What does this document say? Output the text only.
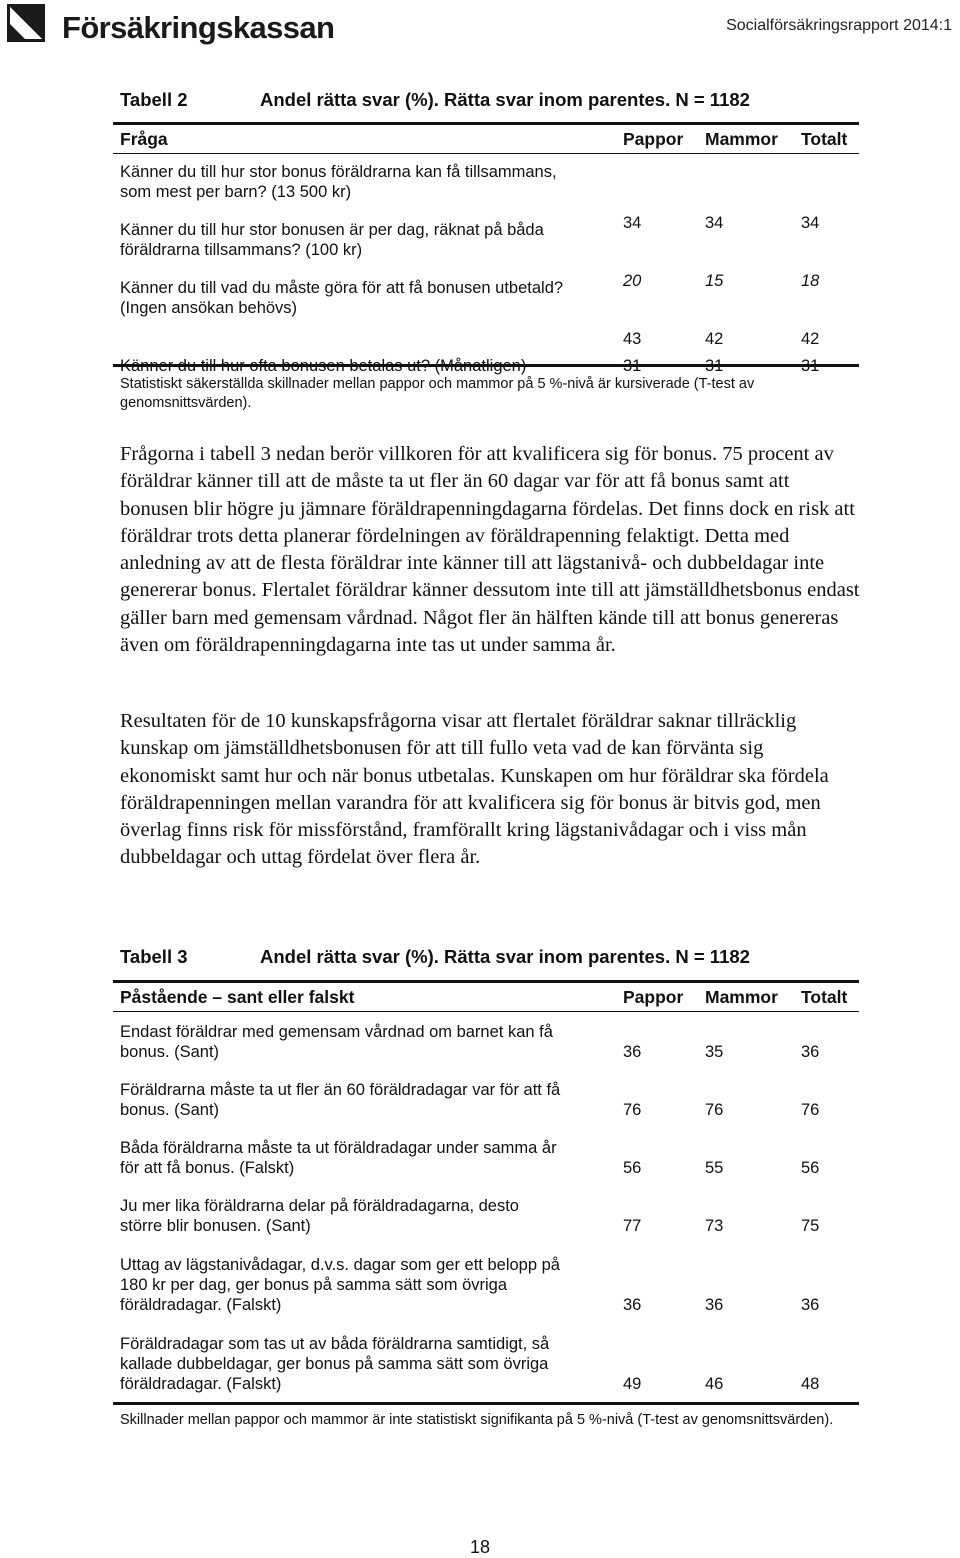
Försäkringskassan	Socialförsäkringsrapport 2014:1
Tabell 2	Andel rätta svar (%). Rätta svar inom parentes. N = 1182
Fråga	Pappor Mammor Totalt
Känner du till hur stor bonus föräldrarna kan få tillsammans,
som mest per barn? (13 500 kr)
34	34	34
Känner du till hur stor bonusen är per dag, räknat på båda
föräldrarna tillsammans? (100 kr)
20	15	18
Känner du till vad du måste göra för att få bonusen utbetald?
(Ingen ansökan behövs)
43	42	42
Känner du till hur ofta bonusen betalas ut? (Månatligen)	31	31	31
Statistiskt säkerställda skillnader mellan pappor och mammor på 5 %-nivå är kursiverade (T-test av genomsnittsvärden).

Frågorna i tabell 3 nedan berör villkoren för att kvalificera sig för bonus. 75 procent av föräldrar känner till att de måste ta ut fler än 60 dagar var för att få bonus samt att bonusen blir högre ju jämnare föräldrapenningdagarna fördelas. Det finns dock en risk att föräldrar trots detta planerar fördelningen av föräldrapenning felaktigt. Detta med anledning av att de flesta föräldrar inte känner till att lägstanivå- och dubbeldagar inte genererar bonus. Flertalet föräldrar känner dessutom inte till att jämställdhetsbonus endast gäller barn med gemensam vårdnad. Något fler än hälften kände till att bonus genereras även om föräldrapenningdagarna inte tas ut under samma år.

Resultaten för de 10 kunskapsfrågorna visar att flertalet föräldrar saknar tillräcklig kunskap om jämställdhetsbonusen för att till fullo veta vad de kan förvänta sig ekonomiskt samt hur och när bonus utbetalas. Kunskapen om hur föräldrar ska fördela föräldrapenningen mellan varandra för att kvalificera sig för bonus är bitvis god, men överlag finns risk för missförstånd, framförallt kring lägstanivådagar och i viss mån dubbeldagar och uttag fördelat över flera år.

Tabell 3	Andel rätta svar (%). Rätta svar inom parentes. N = 1182
Påstående – sant eller falskt	Pappor Mammor Totalt
Endast föräldrar med gemensam vårdnad om barnet kan få
bonus. (Sant)	36	35	36
Föräldrarna måste ta ut fler än 60 föräldradagar var för att få
bonus. (Sant)	76	76	76
Båda föräldrarna måste ta ut föräldradagar under samma år
för att få bonus. (Falskt)	56	55	56
Ju mer lika föräldrarna delar på föräldradagarna, desto
större blir bonusen. (Sant)	77	73	75
Uttag av lägstanivådagar, d.v.s. dagar som ger ett belopp på
180 kr per dag, ger bonus på samma sätt som övriga
föräldradagar. (Falskt)	36	36	36
Föräldradagar som tas ut av båda föräldrarna samtidigt, så
kallade dubbeldagar, ger bonus på samma sätt som övriga
föräldradagar. (Falskt)	49	46	48
Skillnader mellan pappor och mammor är inte statistiskt signifikanta på 5 %-nivå (T-test av genomsnittsvärden).
18
